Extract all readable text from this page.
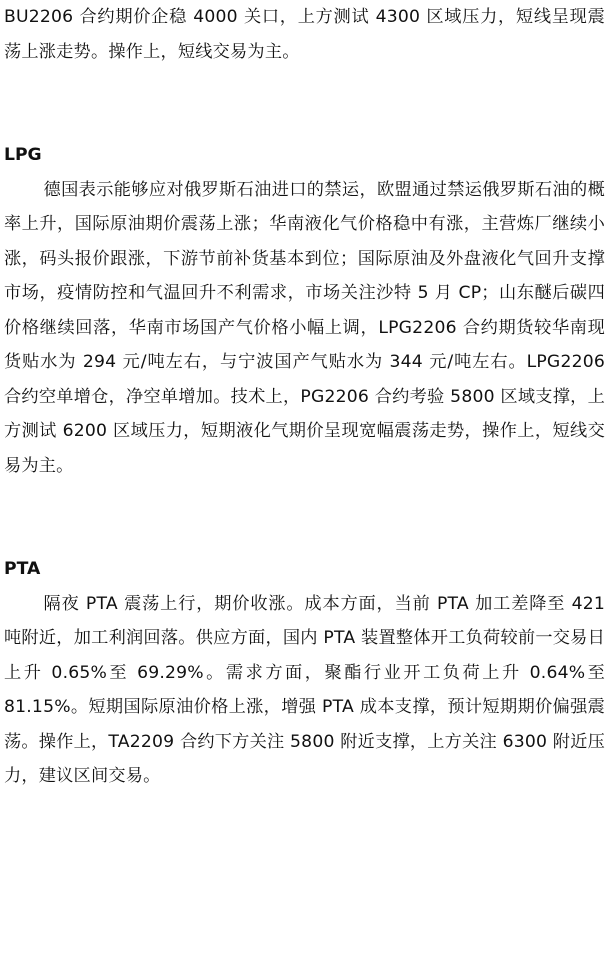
BU2206 合约期价企稳 4000 关口，上方测试 4300 区域压力，短线呈现震荡上涨走势。操作上，短线交易为主。

LPG

德国表示能够应对俄罗斯石油进口的禁运，欧盟通过禁运俄罗斯石油的概率上升，国际原油期价震荡上涨；华南液化气价格稳中有涨，主营炼厂继续小涨，码头报价跟涨，下游节前补货基本到位；国际原油及外盘液化气回升支撑市场，疫情防控和气温回升不利需求，市场关注沙特 5 月 CP；山东醚后碳四价格继续回落，华南市场国产气价格小幅上调，LPG2206 合约期货较华南现货贴水为 294 元/吨左右，与宁波国产气贴水为 344 元/吨左右。LPG2206 合约空单增仓，净空单增加。技术上，PG2206 合约考验 5800 区域支撑，上方测试 6200 区域压力，短期液化气期价呈现宽幅震荡走势，操作上，短线交易为主。

PTA

隔夜 PTA 震荡上行，期价收涨。成本方面，当前 PTA 加工差降至 421 吨附近，加工利润回落。供应方面，国内 PTA 装置整体开工负荷较前一交易日上升 0.65%至 69.29%。需求方面，聚酯行业开工负荷上升 0.64%至 81.15%。短期国际原油价格上涨，增强 PTA 成本支撑，预计短期期价偏强震荡。操作上，TA2209 合约下方关注 5800 附近支撑，上方关注 6300 附近压力，建议区间交易。
